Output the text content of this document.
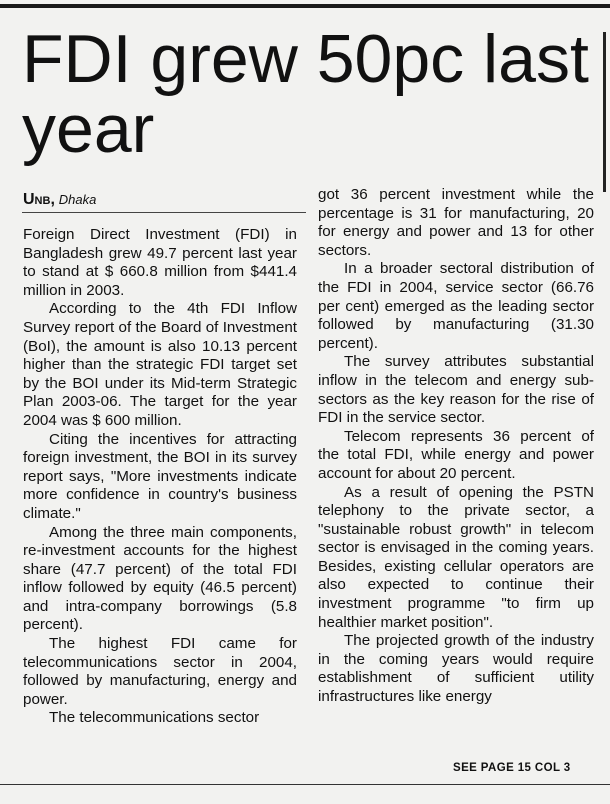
FDI grew 50pc last year
Unb, Dhaka

Foreign Direct Investment (FDI) in Bangladesh grew 49.7 percent last year to stand at $ 660.8 million from $441.4 million in 2003.

According to the 4th FDI Inflow Survey report of the Board of Investment (BoI), the amount is also 10.13 percent higher than the strategic FDI target set by the BOI under its Mid-term Strategic Plan 2003-06. The target for the year 2004 was $ 600 million.

Citing the incentives for attracting foreign investment, the BOI in its survey report says, "More investments indicate more confidence in country's business climate."

Among the three main components, re-investment accounts for the highest share (47.7 percent) of the total FDI inflow followed by equity (46.5 percent) and intra-company borrowings (5.8 percent).

The highest FDI came for telecommunications sector in 2004, followed by manufacturing, energy and power.

The telecommunications sector

got 36 percent investment while the percentage is 31 for manufacturing, 20 for energy and power and 13 for other sectors.

In a broader sectoral distribution of the FDI in 2004, service sector (66.76 per cent) emerged as the leading sector followed by manufacturing (31.30 percent).

The survey attributes substantial inflow in the telecom and energy sub-sectors as the key reason for the rise of FDI in the service sector.

Telecom represents 36 percent of the total FDI, while energy and power account for about 20 percent.

As a result of opening the PSTN telephony to the private sector, a "sustainable robust growth" in telecom sector is envisaged in the coming years. Besides, existing cellular operators are also expected to continue their investment programme "to firm up healthier market position".

The projected growth of the industry in the coming years would require establishment of sufficient utility infrastructures like energy

SEE PAGE 15 COL 3
